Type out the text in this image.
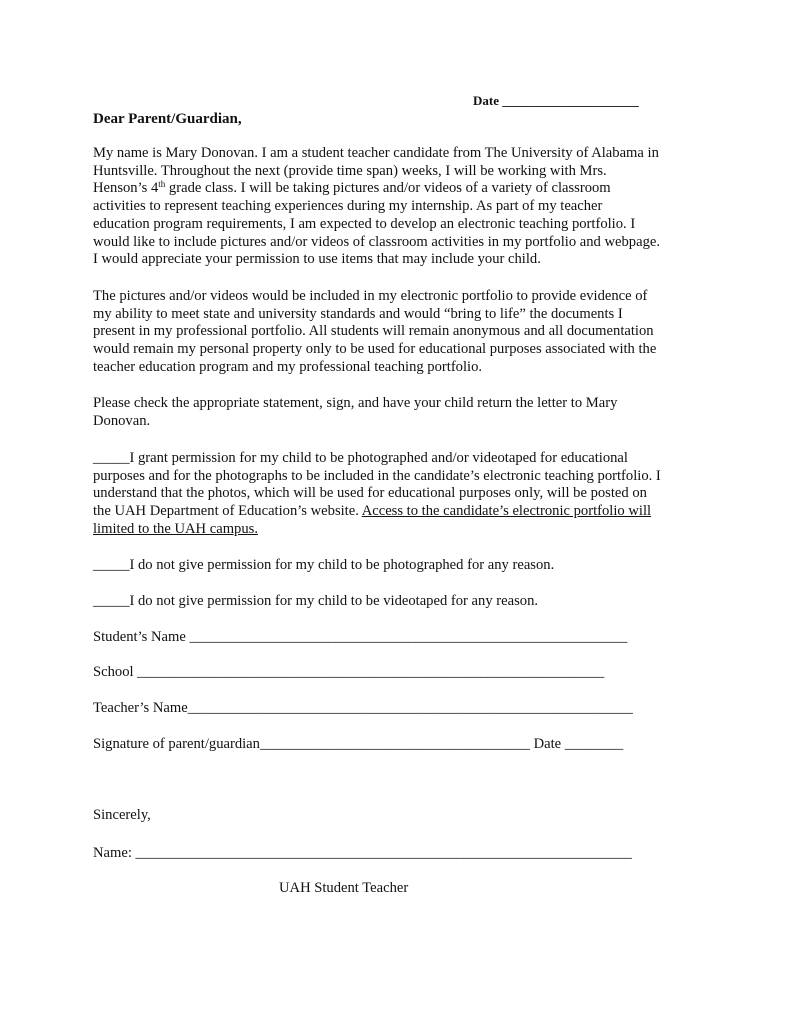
Date _____________________
Dear Parent/Guardian,

My name is Mary Donovan. I am a student teacher candidate from The University of Alabama in
Huntsville. Throughout the next (provide time span) weeks, I will be working with Mrs.
Henson’s 4th grade class. I will be taking pictures and/or videos of a variety of classroom
activities to represent teaching experiences during my internship. As part of my teacher
education program requirements, I am expected to develop an electronic teaching portfolio. I
would like to include pictures and/or videos of classroom activities in my portfolio and webpage.
I would appreciate your permission to use items that may include your child.

The pictures and/or videos would be included in my electronic portfolio to provide evidence of
my ability to meet state and university standards and would “bring to life” the documents I
present in my professional portfolio. All students will remain anonymous and all documentation
would remain my personal property only to be used for educational purposes associated with the
teacher education program and my professional teaching portfolio.

Please check the appropriate statement, sign, and have your child return the letter to Mary
Donovan.

_____I grant permission for my child to be photographed and/or videotaped for educational
purposes and for the photographs to be included in the candidate’s electronic teaching portfolio. I
understand that the photos, which will be used for educational purposes only, will be posted on
the UAH Department of Education’s website. Access to the candidate’s electronic portfolio will
limited to the UAH campus.

_____I do not give permission for my child to be photographed for any reason.
_____I do not give permission for my child to be videotaped for any reason.
Student’s Name ____________________________________________________________
School ________________________________________________________________
Teacher’s Name_____________________________________________________________
Signature of parent/guardian_____________________________________ Date ________
Sincerely,
Name: ____________________________________________________________________
UAH Student Teacher
